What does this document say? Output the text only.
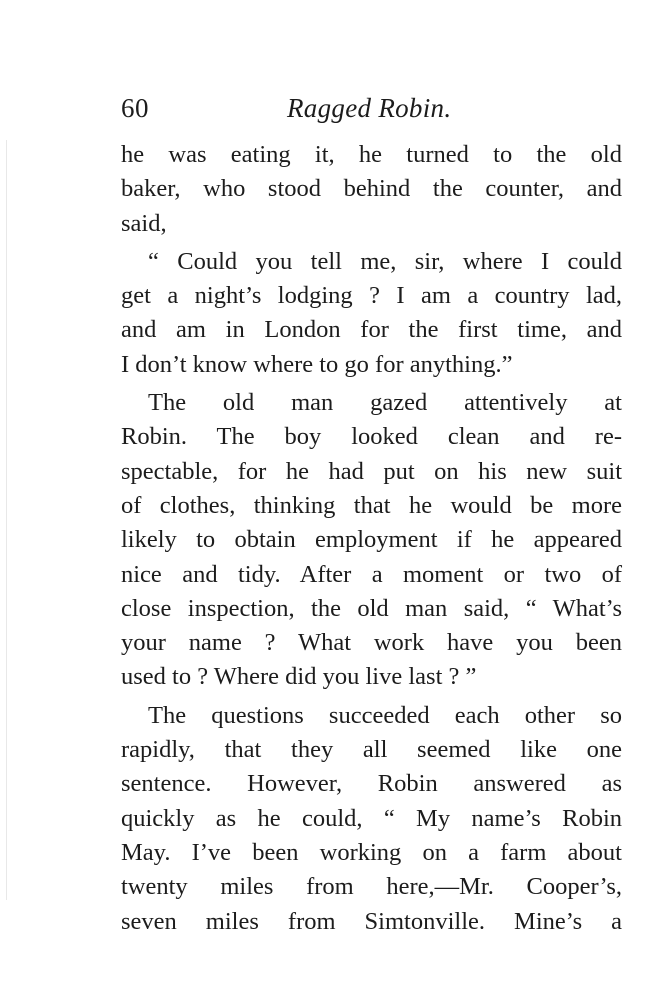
60	Ragged Robin.
he was eating it, he turned to the old
baker, who stood behind the counter, and
said,
“ Could you tell me, sir, where I could
get a night’s lodging ? I am a country lad,
and am in London for the first time, and
I don’t know where to go for anything.”
The old man gazed attentively at
Robin. The boy looked clean and re-
spectable, for he had put on his new suit
of clothes, thinking that he would be more
likely to obtain employment if he appeared
nice and tidy. After a moment or two of
close inspection, the old man said, “ What’s
your name ? What work have you been
used to ? Where did you live last ? ”
The questions succeeded each other so
rapidly, that they all seemed like one
sentence. However, Robin answered as
quickly as he could, “ My name’s Robin
May. I’ve been working on a farm about
twenty miles from here,—Mr. Cooper’s,
seven miles from Simtonville. Mine’s a
